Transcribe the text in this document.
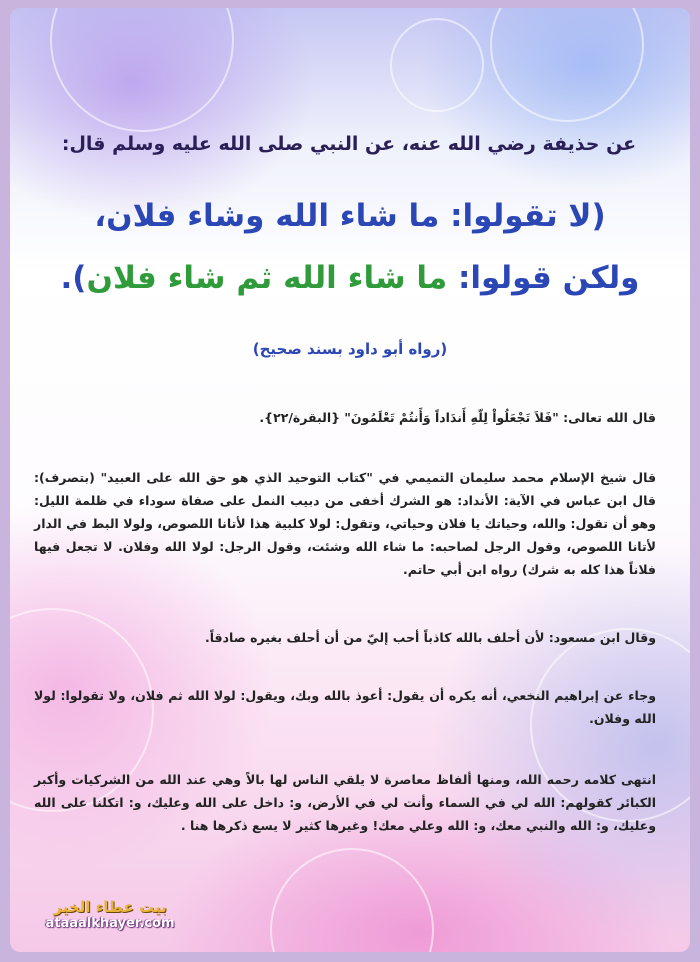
عن حذيفة رضي الله عنه، عن النبي صلى الله عليه وسلم قال:

(لا تقولوا: ما شاء الله وشاء فلان،

ولكن قولوا: ما شاء الله ثم شاء فلان).

(رواه أبو داود بسند صحيح)

قال الله تعالى: "فَلاَ تَجْعَلُواْ لِلّهِ أَندَاداً وَأَنتُمْ تَعْلَمُونَ" {البقرة/٢٢}.

قال شيخ الإسلام محمد سليمان التميمي في "كتاب التوحيد الذي هو حق الله على العبيد" (بتصرف): قال ابن عباس في الآية: الأنداد: هو الشرك أخفى من دبيب النمل على صفاة سوداء في ظلمة الليل: وهو أن تقول: والله، وحياتك يا فلان وحياتي، وتقول: لولا كلبية هذا لأتانا اللصوص، ولولا البط في الدار لأتانا اللصوص، وقول الرجل لصاحبه: ما شاء الله وشئت، وقول الرجل: لولا الله وفلان. لا تجعل فيها فلاناً هذا كله به شرك) رواه ابن أبي حاتم.

وقال ابن مسعود: لأن أحلف بالله كاذباً أحب إليّ من أن أحلف بغيره صادقاً.

وجاء عن إبراهيم النخعي، أنه يكره أن يقول: أعوذ بالله وبك، ويقول: لولا الله ثم فلان، ولا تقولوا: لولا الله وفلان.

انتهى كلامه رحمه الله، ومنها ألفاظ معاصرة لا يلقي الناس لها بالاً وهي عند الله من الشركيات وأكبر الكبائر كقولهم: الله لي في السماء وأنت لي في الأرض، و: داخل على الله وعليك، و: اتكلنا على الله وعليك، و: الله والنبي معك، و: الله وعلي معك! وغيرها كثير لا يسع ذكرها هنا .

بيت عطاء الخير
ataaalkhayer.com
